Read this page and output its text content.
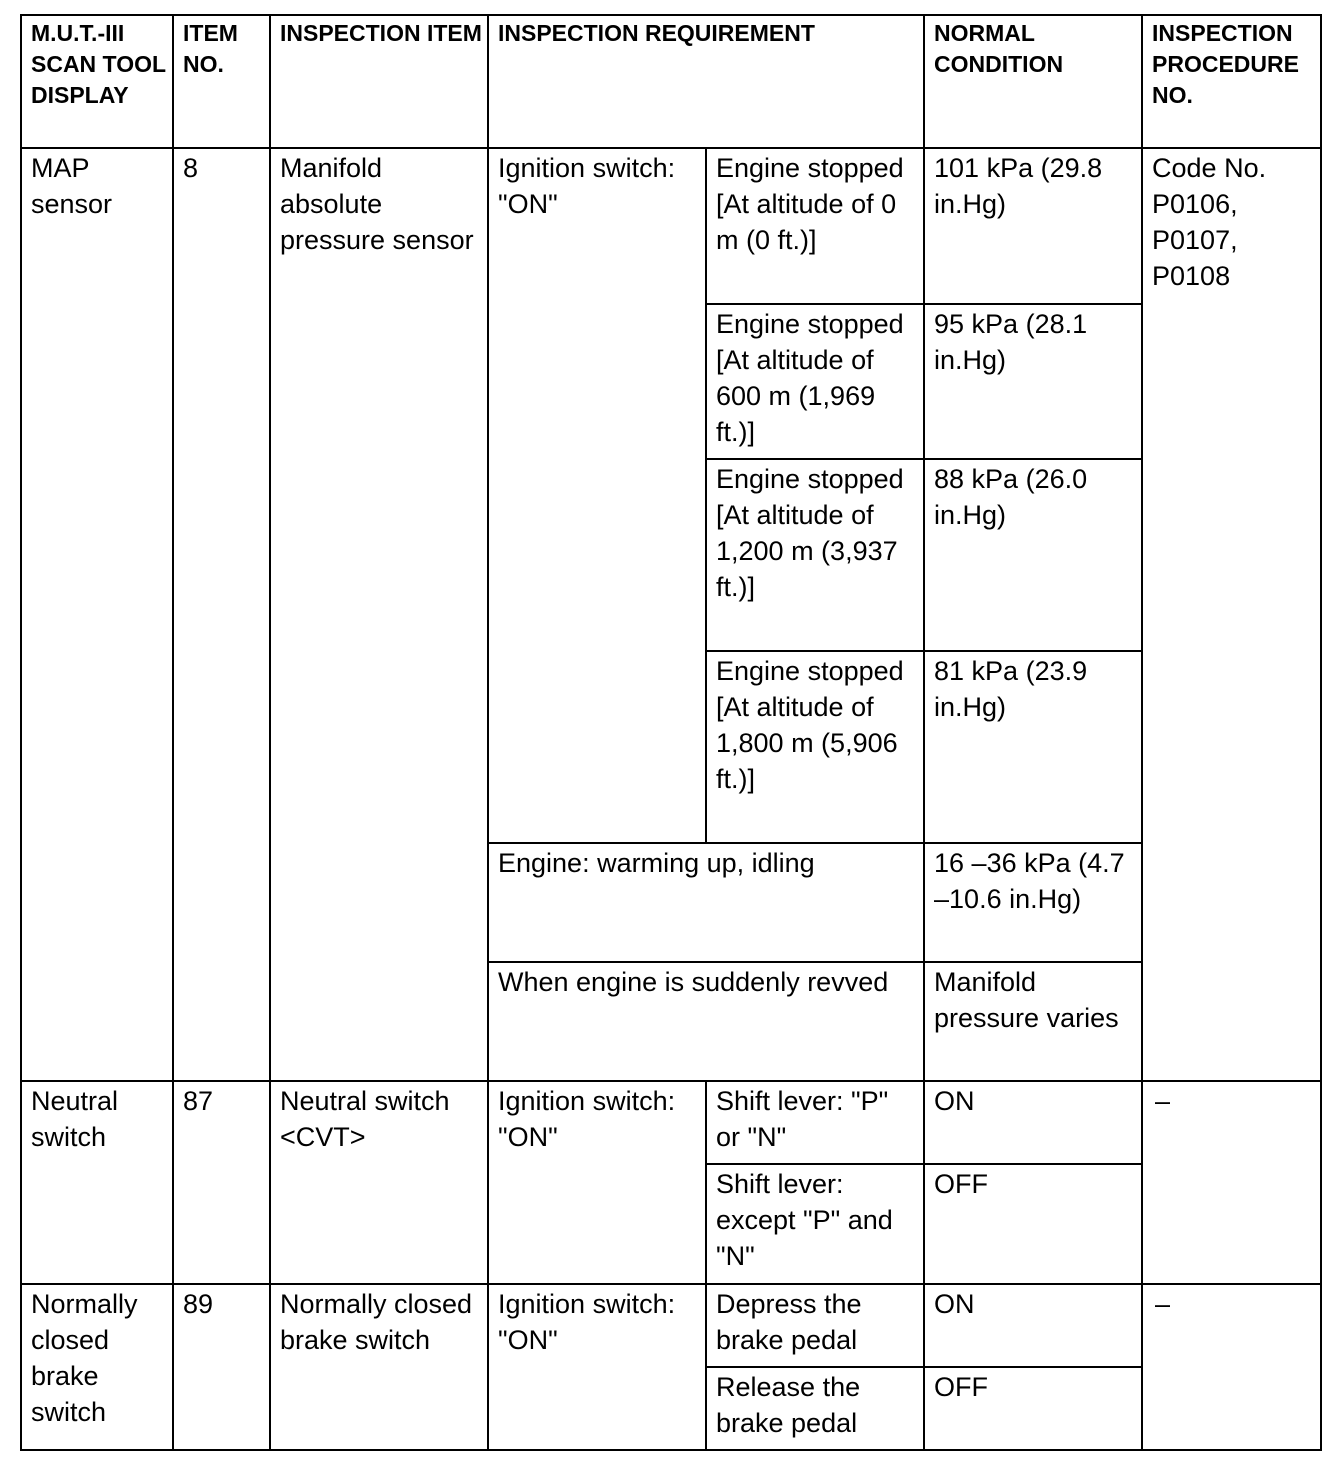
M.U.T.-III SCAN TOOL DISPLAY	ITEM NO.	INSPECTION ITEM	INSPECTION REQUIREMENT		NORMAL CONDITION	INSPECTION PROCEDURE NO.
MAP sensor	8	Manifold absolute pressure sensor	Ignition switch: "ON"	Engine stopped [At altitude of 0 m (0 ft.)]	101 kPa (29.8 in.Hg)	Code No. P0106, P0107, P0108
				Engine stopped [At altitude of 600 m (1,969 ft.)]	95 kPa (28.1 in.Hg)	
				Engine stopped [At altitude of 1,200 m (3,937 ft.)]	88 kPa (26.0 in.Hg)	
				Engine stopped [At altitude of 1,800 m (5,906 ft.)]	81 kPa (23.9 in.Hg)	
			Engine: warming up, idling		16 –36 kPa (4.7 –10.6 in.Hg)	
			When engine is suddenly revved		Manifold pressure varies	
Neutral switch	87	Neutral switch <CVT>	Ignition switch: "ON"	Shift lever: "P" or "N"	ON	–
				Shift lever: except "P" and "N"	OFF	
Normally closed brake switch	89	Normally closed brake switch	Ignition switch: "ON"	Depress the brake pedal	ON	–
				Release the brake pedal	OFF	
